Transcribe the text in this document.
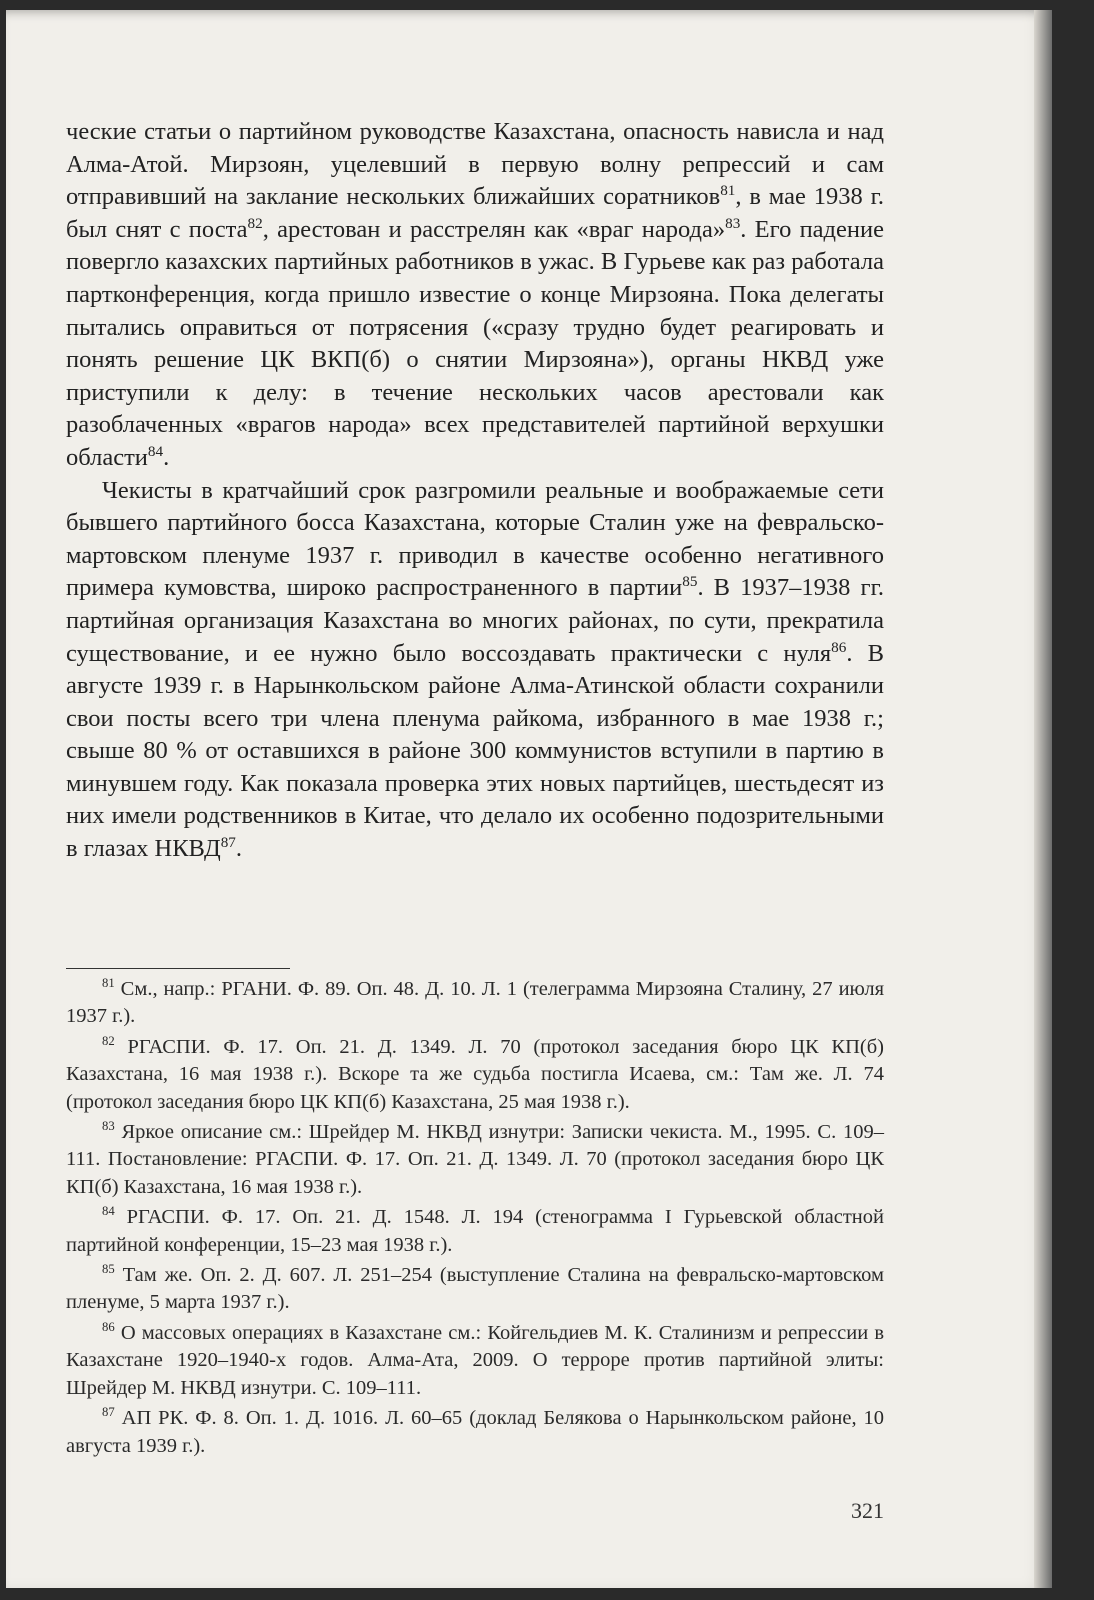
ческие статьи о партийном руководстве Казахстана, опасность нависла и над Алма-Атой. Мирзоян, уцелевший в первую волну репрессий и сам отправивший на заклание нескольких ближайших соратников$^{81}$, в мае 1938 г. был снят с поста$^{82}$, арестован и расстрелян как «враг народа»$^{83}$. Его падение повергло казахских партийных работников в ужас. В Гурьеве как раз работала партконференция, когда пришло известие о конце Мирзояна. Пока делегаты пытались оправиться от потрясения («сразу трудно будет реагировать и понять решение ЦК ВКП(б) о снятии Мирзояна»), органы НКВД уже приступили к делу: в течение нескольких часов арестовали как разоблаченных «врагов народа» всех представителей партийной верхушки области$^{84}$.

Чекисты в кратчайший срок разгромили реальные и воображаемые сети бывшего партийного босса Казахстана, которые Сталин уже на февральско-мартовском пленуме 1937 г. приводил в качестве особенно негативного примера кумовства, широко распространенного в партии$^{85}$. В 1937–1938 гг. партийная организация Казахстана во многих районах, по сути, прекратила существование, и ее нужно было воссоздавать практически с нуля$^{86}$. В августе 1939 г. в Нарынкольском районе Алма-Атинской области сохранили свои посты всего три члена пленума райкома, избранного в мае 1938 г.; свыше 80 % от оставшихся в районе 300 коммунистов вступили в партию в минувшем году. Как показала проверка этих новых партийцев, шестьдесят из них имели родственников в Китае, что делало их особенно подозрительными в глазах НКВД$^{87}$.

$^{81}$ См., напр.: РГАНИ. Ф. 89. Оп. 48. Д. 10. Л. 1 (телеграмма Мирзояна Сталину, 27 июля 1937 г.).

$^{82}$ РГАСПИ. Ф. 17. Оп. 21. Д. 1349. Л. 70 (протокол заседания бюро ЦК КП(б) Казахстана, 16 мая 1938 г.). Вскоре та же судьба постигла Исаева, см.: Там же. Л. 74 (протокол заседания бюро ЦК КП(б) Казахстана, 25 мая 1938 г.).

$^{83}$ Яркое описание см.: Шрейдер М. НКВД изнутри: Записки чекиста. М., 1995. С. 109–111. Постановление: РГАСПИ. Ф. 17. Оп. 21. Д. 1349. Л. 70 (протокол заседания бюро ЦК КП(б) Казахстана, 16 мая 1938 г.).

$^{84}$ РГАСПИ. Ф. 17. Оп. 21. Д. 1548. Л. 194 (стенограмма I Гурьевской областной партийной конференции, 15–23 мая 1938 г.).

$^{85}$ Там же. Оп. 2. Д. 607. Л. 251–254 (выступление Сталина на февральско-мартовском пленуме, 5 марта 1937 г.).

$^{86}$ О массовых операциях в Казахстане см.: Койгельдиев М. К. Сталинизм и репрессии в Казахстане 1920–1940-х годов. Алма-Ата, 2009. О терроре против партийной элиты: Шрейдер М. НКВД изнутри. С. 109–111.

$^{87}$ АП РК. Ф. 8. Оп. 1. Д. 1016. Л. 60–65 (доклад Белякова о Нарынкольском районе, 10 августа 1939 г.).

321
